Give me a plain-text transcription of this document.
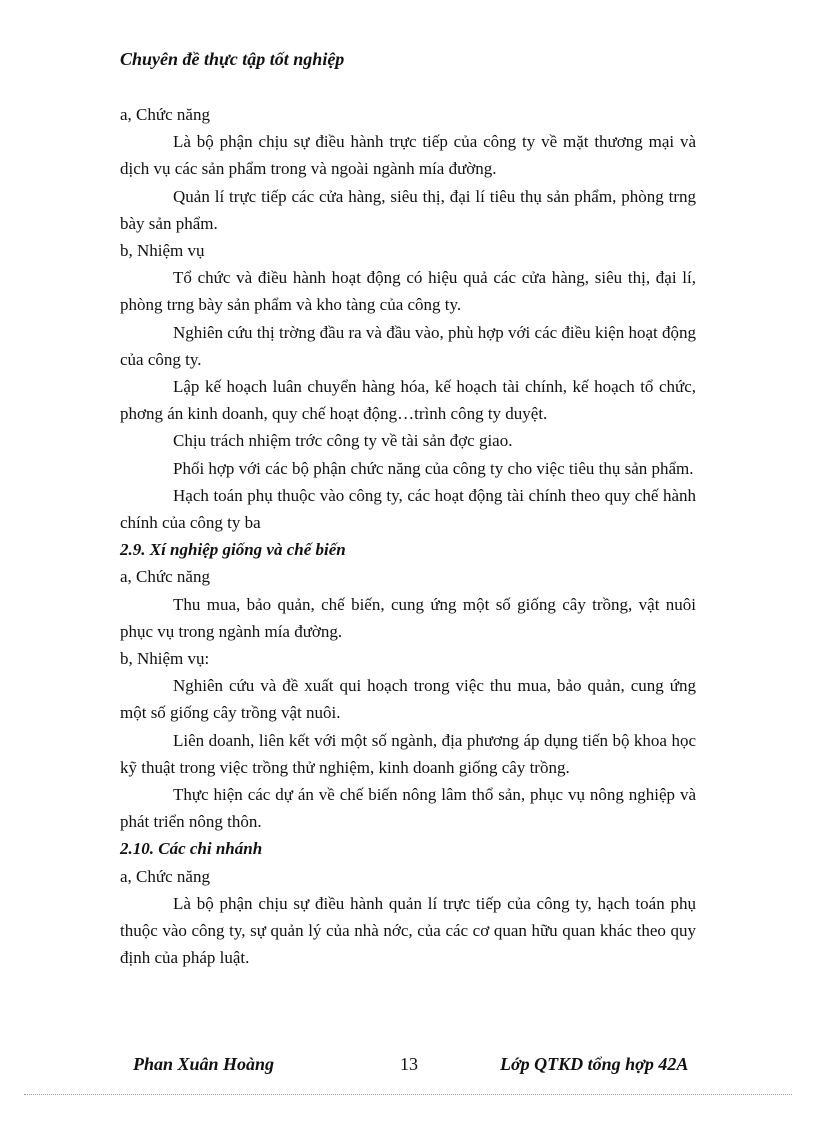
Chuyên đề thực tập tốt nghiệp

a, Chức năng

Là bộ phận chịu sự điều hành trực tiếp của công ty về mặt thương mại và dịch vụ các sản phẩm trong và ngoài ngành mía đường.

Quản lí trực tiếp các cửa hàng, siêu thị, đại lí tiêu thụ sản phẩm, phòng trng bày sản phẩm.

b, Nhiệm vụ

Tổ chức và điều hành hoạt động có hiệu quả các cửa hàng, siêu thị, đại lí, phòng trng bày sản phẩm và kho tàng của công ty.

Nghiên cứu thị trờng đầu ra và đầu vào, phù hợp với các điều kiện hoạt động của công ty.

Lập kế hoạch luân chuyển hàng hóa, kế hoạch tài chính, kế hoạch tổ chức, phơng án kinh doanh, quy chế hoạt động…trình công ty duyệt.

Chịu trách nhiệm trớc công ty về tài sản đợc giao.

Phối hợp với các bộ phận chức năng của công ty cho việc tiêu thụ sản phẩm.

Hạch toán phụ thuộc vào công ty, các hoạt động tài chính theo quy chế hành chính của công ty ba

2.9. Xí nghiệp giống và chế biến

a, Chức năng

Thu mua, bảo quản, chế biến, cung ứng một số giống cây trồng, vật nuôi phục vụ trong ngành mía đường.

b, Nhiệm vụ:

Nghiên cứu và đề xuất qui hoạch trong việc thu mua, bảo quản, cung ứng một số giống cây trồng vật nuôi.

Liên doanh, liên kết với một số ngành, địa phương áp dụng tiến bộ khoa học kỹ thuật trong việc trồng thử nghiệm, kinh doanh giống cây trồng.

Thực hiện các dự án về chế biến nông lâm thổ sản, phục vụ nông nghiệp và phát triển nông thôn.

2.10. Các chi nhánh

a, Chức năng

Là bộ phận chịu sự điều hành quản lí trực tiếp của công ty, hạch toán phụ thuộc vào công ty, sự quản lý của nhà nớc, của các cơ quan hữu quan khác theo quy định của pháp luật.

Phan Xuân Hoàng	13	Lớp QTKD tổng hợp 42A
